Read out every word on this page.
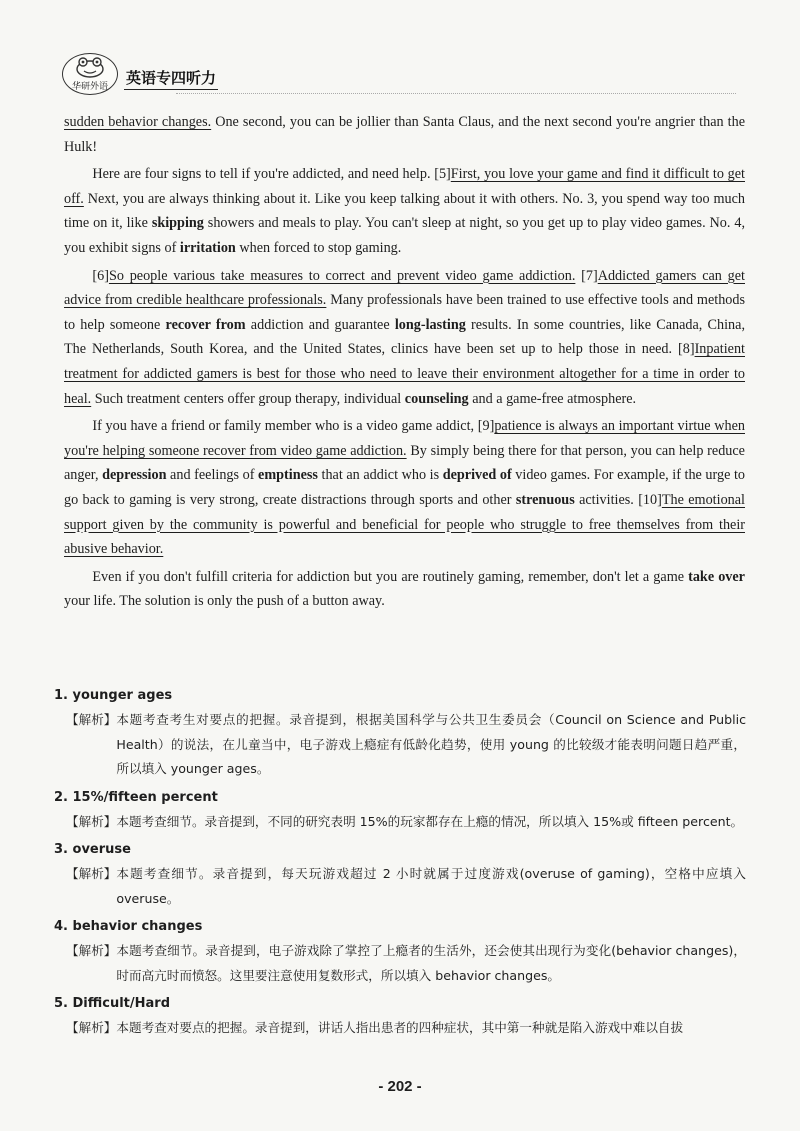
华研外语
英语专四听力

sudden behavior changes. One second, you can be jollier than Santa Claus, and the next second you're angrier than the Hulk!

Here are four signs to tell if you're addicted, and need help. [5]First, you love your game and find it difficult to get off. Next, you are always thinking about it. Like you keep talking about it with others. No. 3, you spend way too much time on it, like skipping showers and meals to play. You can't sleep at night, so you get up to play video games. No. 4, you exhibit signs of irritation when forced to stop gaming.

[6]So people various take measures to correct and prevent video game addiction. [7]Addicted gamers can get advice from credible healthcare professionals. Many professionals have been trained to use effective tools and methods to help someone recover from addiction and guarantee long-lasting results. In some countries, like Canada, China, The Netherlands, South Korea, and the United States, clinics have been set up to help those in need. [8]Inpatient treatment for addicted gamers is best for those who need to leave their environment altogether for a time in order to heal. Such treatment centers offer group therapy, individual counseling and a game-free atmosphere.

If you have a friend or family member who is a video game addict, [9]patience is always an important virtue when you're helping someone recover from video game addiction. By simply being there for that person, you can help reduce anger, depression and feelings of emptiness that an addict who is deprived of video games. For example, if the urge to go back to gaming is very strong, create distractions through sports and other strenuous activities. [10]The emotional support given by the community is powerful and beneficial for people who struggle to free themselves from their abusive behavior.

Even if you don't fulfill criteria for addiction but you are routinely gaming, remember, don't let a game take over your life. The solution is only the push of a button away.

1. younger ages

【解析】 本题考查考生对要点的把握。录音提到，根据美国科学与公共卫生委员会（Council on Science and Public Health）的说法，在儿童当中，电子游戏上瘾症有低龄化趋势，使用 young 的比较级才能表明问题日趋严重，所以填入 younger ages。

2. 15%/fifteen percent

【解析】 本题考查细节。录音提到，不同的研究表明 15%的玩家都存在上瘾的情况，所以填入 15%或 fifteen percent。

3. overuse

【解析】 本题考查细节。录音提到，每天玩游戏超过 2 小时就属于过度游戏(overuse of gaming)，空格中应填入 overuse。

4. behavior changes

【解析】 本题考查细节。录音提到，电子游戏除了掌控了上瘾者的生活外，还会使其出现行为变化(behavior changes)，时而高亢时而愤怒。这里要注意使用复数形式，所以填入 behavior changes。

5. Difficult/Hard

【解析】 本题考查对要点的把握。录音提到，讲话人指出患者的四种症状，其中第一种就是陷入游戏中难以自拔
- 202 -
